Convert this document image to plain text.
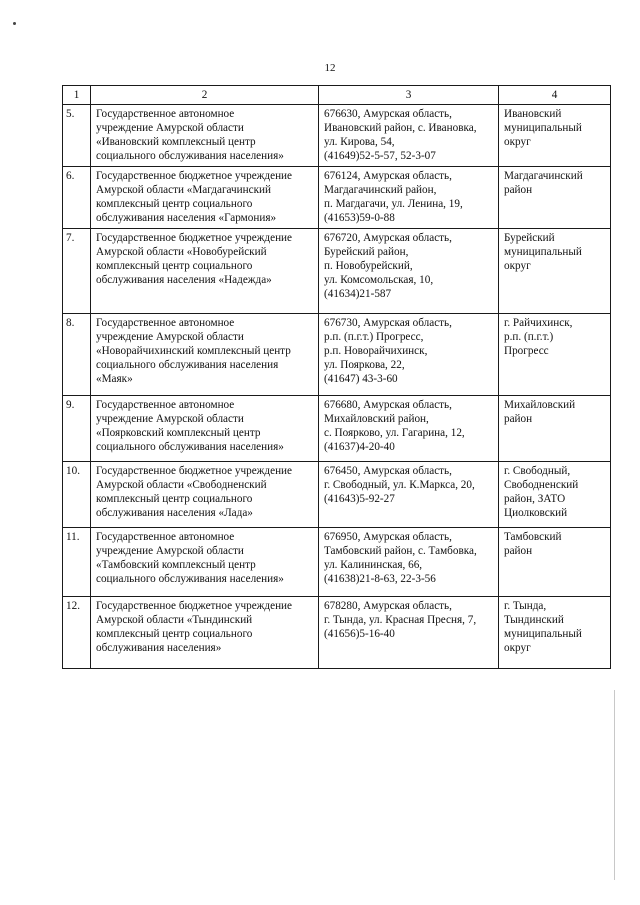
12
1	2	3	4
5.	Государственное автономное
учреждение Амурской области
«Ивановский комплексный центр
социального обслуживания населения»	676630, Амурская область,
Ивановский район, с. Ивановка,
ул. Кирова, 54,
(41649)52-5-57, 52-3-07	Ивановский
муниципальный
округ
6.	Государственное бюджетное учреждение
Амурской области «Магдагачинский
комплексный центр социального
обслуживания населения «Гармония»	676124, Амурская область,
Магдагачинский район,
п. Магдагачи, ул. Ленина, 19,
(41653)59-0-88	Магдагачинский
район
7.	Государственное бюджетное учреждение
Амурской области «Новобурейский
комплексный центр социального
обслуживания населения «Надежда»	676720, Амурская область,
Бурейский район,
п. Новобурейский,
ул. Комсомольская, 10,
(41634)21-587	Бурейский
муниципальный
округ
8.	Государственное автономное
учреждение Амурской области
«Новорайчихинский комплексный центр
социального обслуживания населения
«Маяк»	676730, Амурская область,
р.п. (п.г.т.) Прогресс,
р.п. Новорайчихинск,
ул. Пояркова, 22,
(41647) 43-3-60	г. Райчихинск,
р.п. (п.г.т.)
Прогресс
9.	Государственное автономное
учреждение Амурской области
«Поярковский комплексный центр
социального обслуживания населения»	676680, Амурская область,
Михайловский район,
с. Поярково, ул. Гагарина, 12,
(41637)4-20-40	Михайловский
район
10.	Государственное бюджетное учреждение
Амурской области «Свободненский
комплексный центр социального
обслуживания населения «Лада»	676450, Амурская область,
г. Свободный, ул. К.Маркса, 20,
(41643)5-92-27	г. Свободный,
Свободненский
район, ЗАТО
Циолковский
11.	Государственное автономное
учреждение Амурской области
«Тамбовский комплексный центр
социального обслуживания населения»	676950, Амурская область,
Тамбовский район, с. Тамбовка,
ул. Калининская, 66,
(41638)21-8-63, 22-3-56	Тамбовский
район
12.	Государственное бюджетное учреждение
Амурской области «Тындинский
комплексный центр социального
обслуживания населения»	678280, Амурская область,
г. Тында, ул. Красная Пресня, 7,
(41656)5-16-40	г. Тында,
Тындинский
муниципальный
округ
